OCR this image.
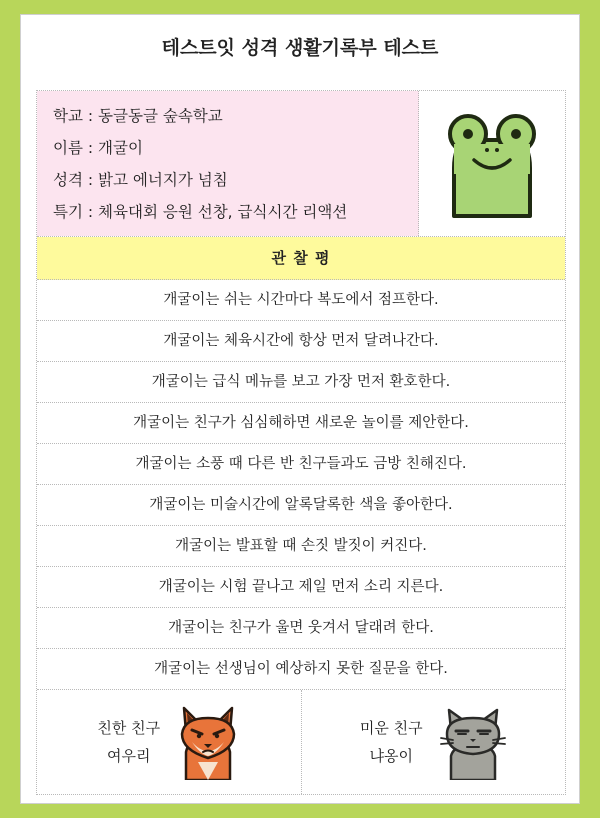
테스트잇 성격 생활기록부 테스트
학교 : 동글동글 숲속학교
이름 : 개굴이
성격 : 밝고 에너지가 넘침
특기 : 체육대회 응원 선창, 급식시간 리액션
관 찰 평
개굴이는 쉬는 시간마다 복도에서 점프한다.
개굴이는 체육시간에 항상 먼저 달려나간다.
개굴이는 급식 메뉴를 보고 가장 먼저 환호한다.
개굴이는 친구가 심심해하면 새로운 놀이를 제안한다.
개굴이는 소풍 때 다른 반 친구들과도 금방 친해진다.
개굴이는 미술시간에 알록달록한 색을 좋아한다.
개굴이는 발표할 때 손짓 발짓이 커진다.
개굴이는 시험 끝나고 제일 먼저 소리 지른다.
개굴이는 친구가 울면 웃겨서 달래려 한다.
개굴이는 선생님이 예상하지 못한 질문을 한다.
친한 친구
여우리
미운 친구
냐옹이
